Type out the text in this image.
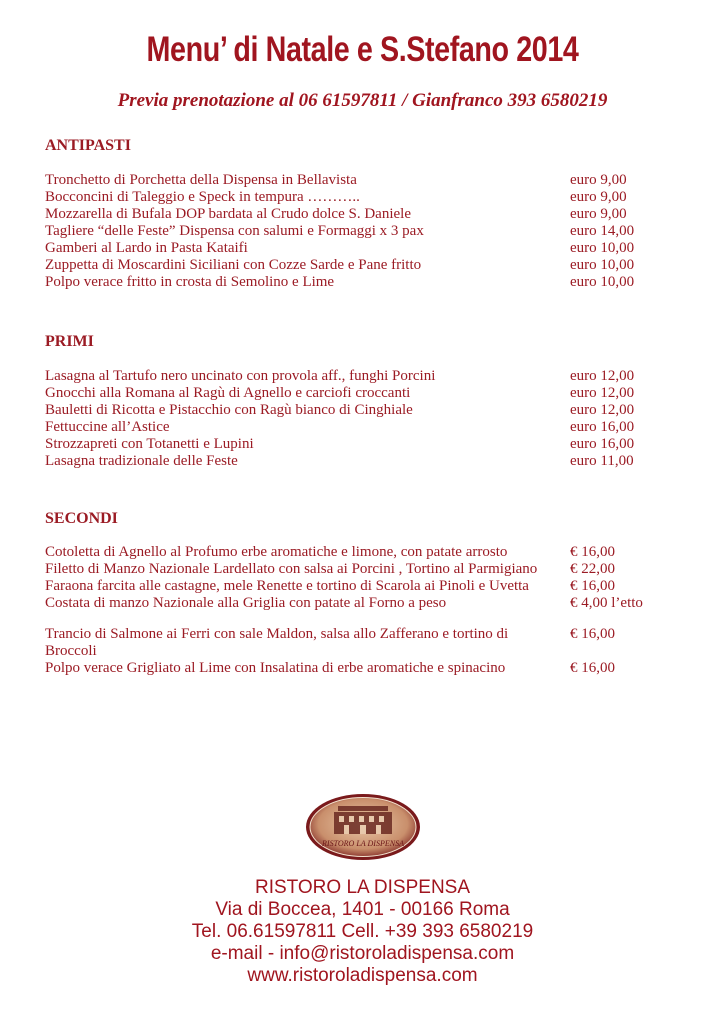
Menu’ di Natale e S.Stefano 2014
Previa prenotazione al 06 61597811 / Gianfranco 393 6580219
ANTIPASTI
Tronchetto di Porchetta della Dispensa in Bellavista	euro 9,00
Bocconcini di Taleggio e Speck in tempura ………..	euro 9,00
Mozzarella di Bufala DOP bardata al Crudo dolce S. Daniele	euro 9,00
Tagliere “delle Feste” Dispensa con salumi e Formaggi x 3 pax	euro 14,00
Gamberi al Lardo in Pasta Kataifi	euro 10,00
Zuppetta di Moscardini Siciliani con Cozze Sarde e Pane fritto	euro 10,00
Polpo verace fritto in crosta di Semolino e Lime	euro 10,00
PRIMI
Lasagna al Tartufo nero uncinato con provola aff., funghi Porcini	euro 12,00
Gnocchi alla Romana al Ragù di Agnello e carciofi croccanti	euro 12,00
Bauletti di Ricotta e Pistacchio con Ragù bianco di Cinghiale	euro 12,00
Fettuccine all’Astice	euro 16,00
Strozzapreti con Totanetti e Lupini	euro 16,00
Lasagna tradizionale delle Feste	euro 11,00
SECONDI
Cotoletta di Agnello al Profumo erbe aromatiche e limone, con patate arrosto	€ 16,00
Filetto di Manzo Nazionale Lardellato con salsa ai Porcini , Tortino al Parmigiano	€ 22,00
Faraona farcita alle castagne, mele Renette e tortino di Scarola ai Pinoli e Uvetta	€ 16,00
Costata di manzo Nazionale alla Griglia con patate al Forno a peso	€ 4,00 l’etto
Trancio di Salmone ai Ferri con sale Maldon, salsa allo Zafferano e tortino di Broccoli
€ 16,00
Polpo verace Grigliato al Lime con Insalatina di erbe aromatiche e spinacino	€ 16,00
RISTORO LA DISPENSA
RISTORO LA DISPENSA
Via di Boccea, 1401 - 00166 Roma
Tel. 06.61597811 Cell. +39 393 6580219
e-mail - info@ristoroladispensa.com
www.ristoroladispensa.com
